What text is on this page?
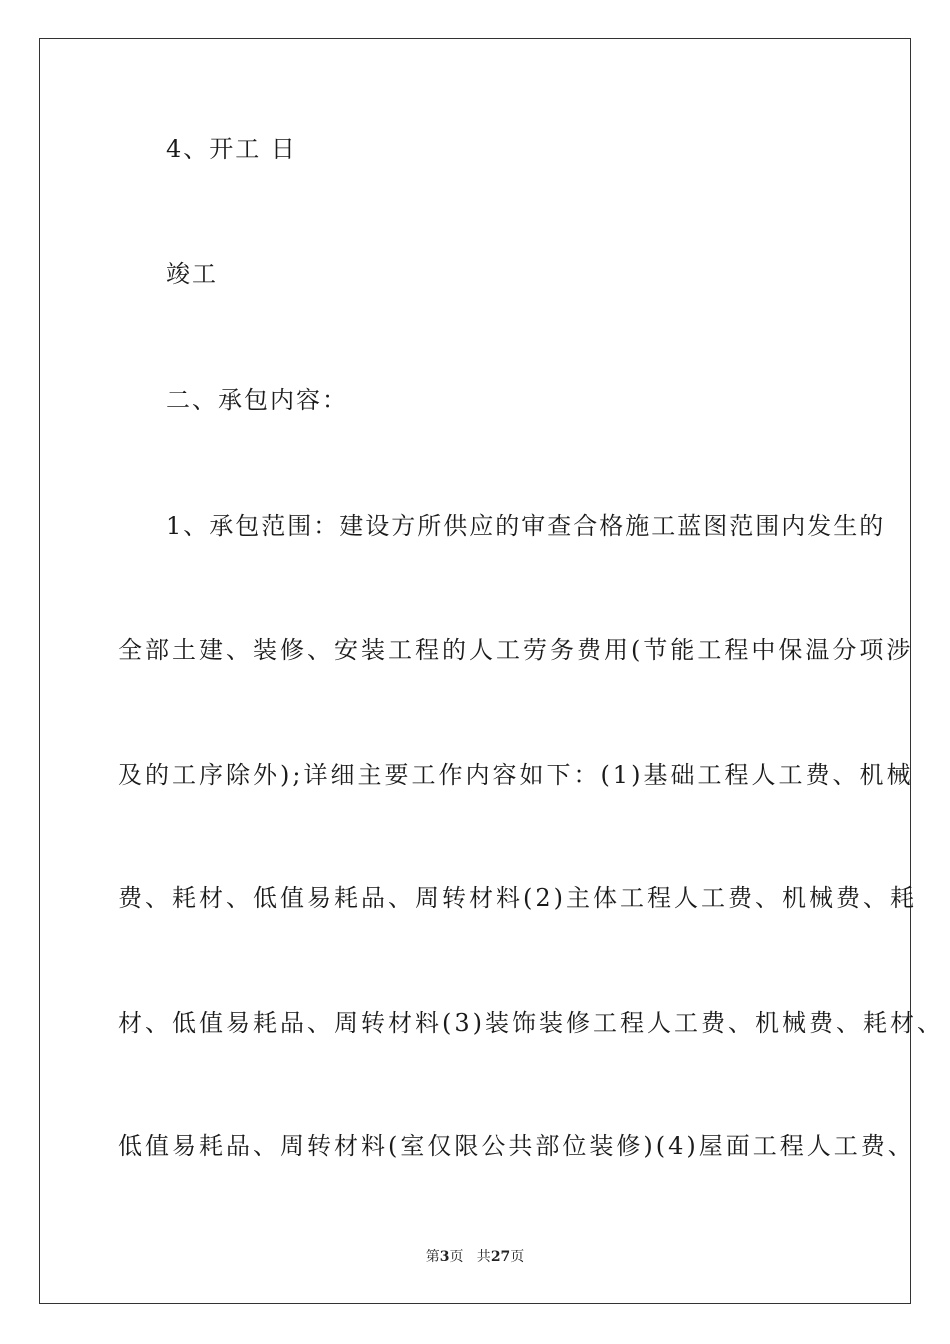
4、开工 日
竣工
二、承包内容：
1、承包范围：建设方所供应的审查合格施工蓝图范围内发生的
全部土建、装修、安装工程的人工劳务费用(节能工程中保温分项涉
及的工序除外);详细主要工作内容如下：(1)基础工程人工费、机械
费、耗材、低值易耗品、周转材料(2)主体工程人工费、机械费、耗
材、低值易耗品、周转材料(3)装饰装修工程人工费、机械费、耗材、
低值易耗品、周转材料(室仅限公共部位装修)(4)屋面工程人工费、
第3页   共27页
